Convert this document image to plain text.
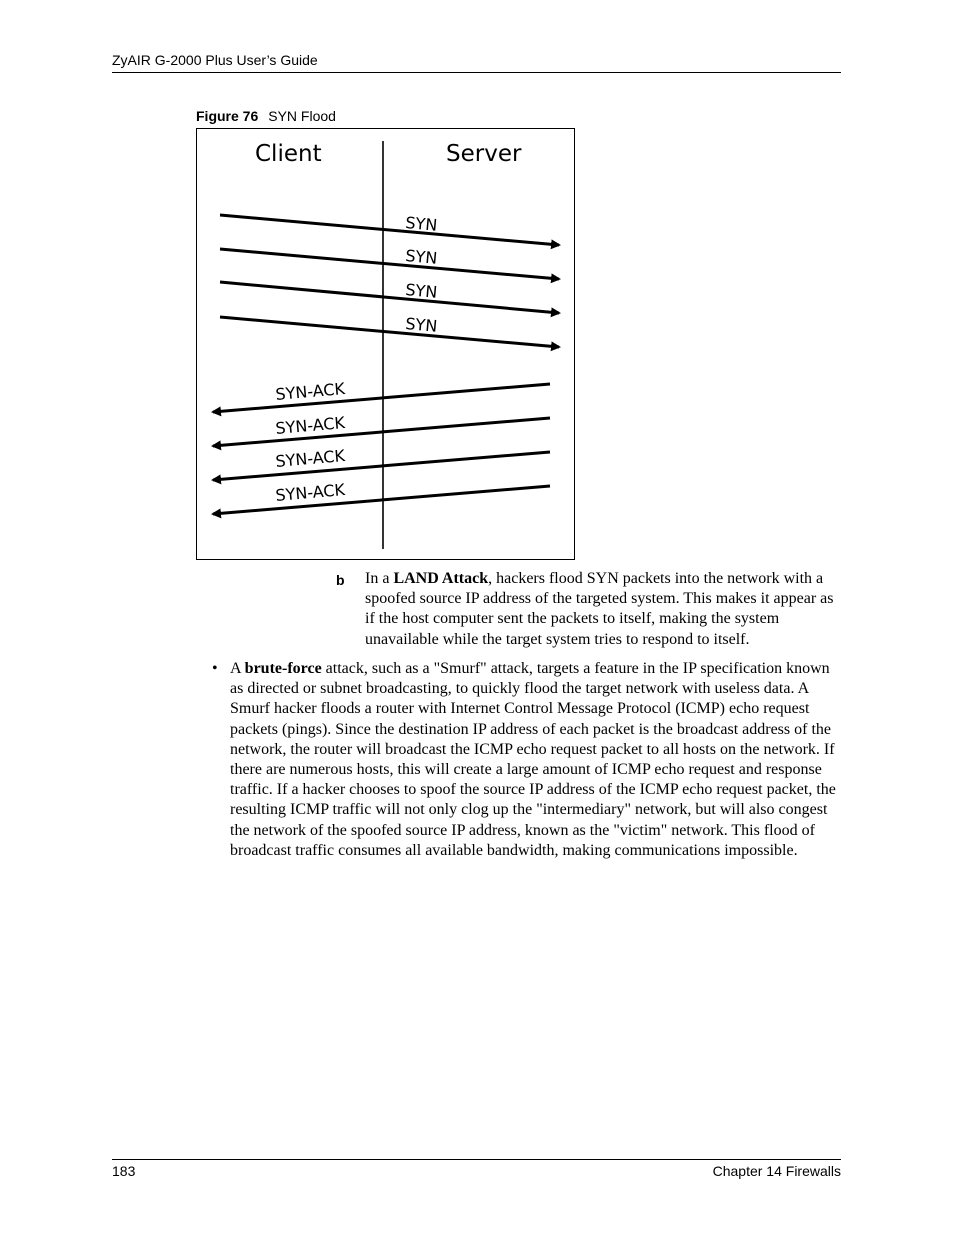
ZyAIR G-2000 Plus User’s Guide
Figure 76 SYN Flood
Client	Server
SYN
SYN
SYN
SYN
SYN-ACK
SYN-ACK
SYN-ACK
SYN-ACK
b In a LAND Attack, hackers flood SYN packets into the network with a spoofed source IP address of the targeted system. This makes it appear as if the host computer sent the packets to itself, making the system unavailable while the target system tries to respond to itself.
• A brute-force attack, such as a "Smurf" attack, targets a feature in the IP specification known as directed or subnet broadcasting, to quickly flood the target network with useless data. A Smurf hacker floods a router with Internet Control Message Protocol (ICMP) echo request packets (pings). Since the destination IP address of each packet is the broadcast address of the network, the router will broadcast the ICMP echo request packet to all hosts on the network. If there are numerous hosts, this will create a large amount of ICMP echo request and response traffic. If a hacker chooses to spoof the source IP address of the ICMP echo request packet, the resulting ICMP traffic will not only clog up the "intermediary" network, but will also congest the network of the spoofed source IP address, known as the "victim" network. This flood of broadcast traffic consumes all available bandwidth, making communications impossible.
183	Chapter 14 Firewalls
